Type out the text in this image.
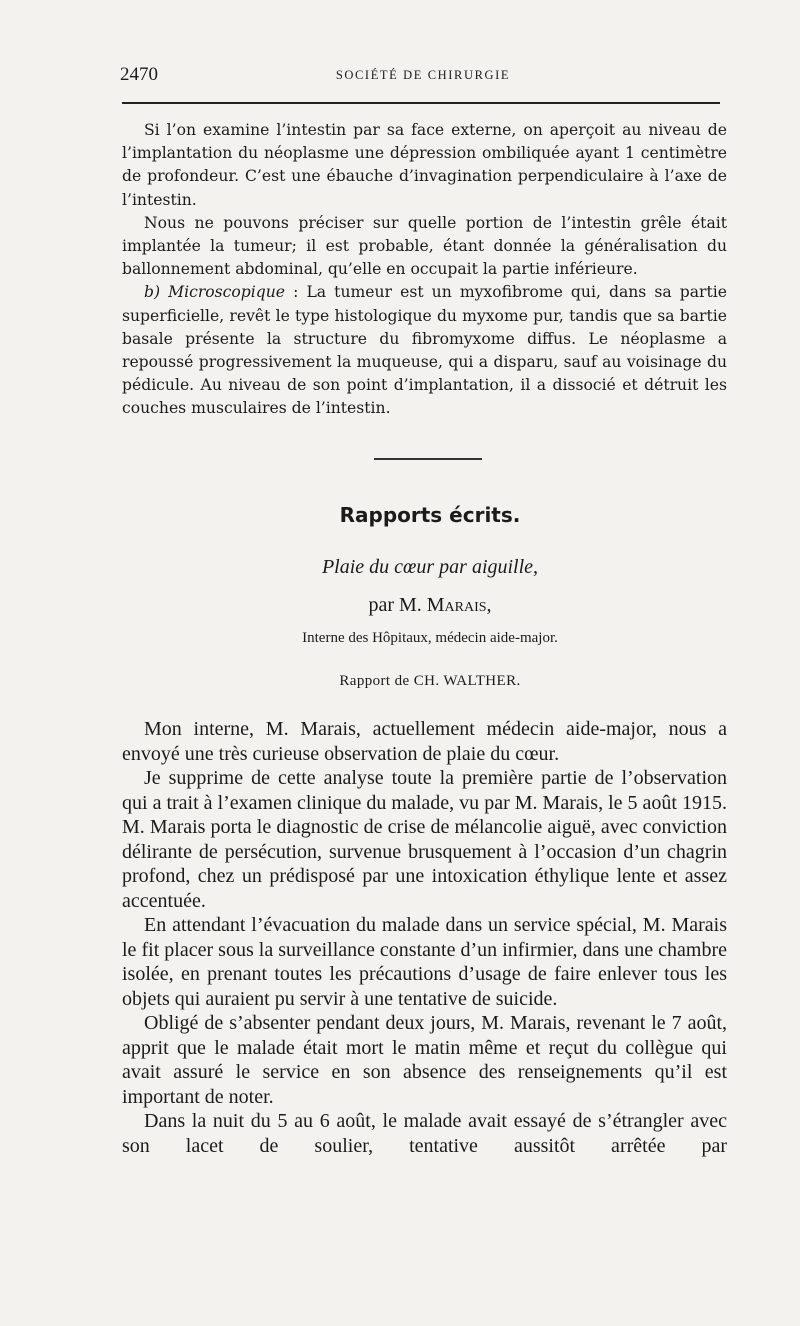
2470	SOCIÉTÉ DE CHIRURGIE

Si l’on examine l’intestin par sa face externe, on aperçoit au niveau de l’implantation du néoplasme une dépression ombiliquée ayant 1 centimètre de profondeur. C’est une ébauche d’invagination perpendiculaire à l’axe de l’intestin.

Nous ne pouvons préciser sur quelle portion de l’intestin grêle était implantée la tumeur; il est probable, étant donnée la généralisation du ballonnement abdominal, qu’elle en occupait la partie inférieure.

b) Microscopique : La tumeur est un myxofibrome qui, dans sa partie superficielle, revêt le type histologique du myxome pur, tandis que sa bartie basale présente la structure du fibromyxome diffus. Le néoplasme a repoussé progressivement la muqueuse, qui a disparu, sauf au voisinage du pédicule. Au niveau de son point d’implantation, il a dissocié et détruit les couches musculaires de l’intestin.

Rapports écrits.
Plaie du cœur par aiguille,
par M. Marais,
Interne des Hôpitaux, médecin aide-major.
Rapport de CH. WALTHER.

Mon interne, M. Marais, actuellement médecin aide-major, nous a envoyé une très curieuse observation de plaie du cœur.

Je supprime de cette analyse toute la première partie de l’observation qui a trait à l’examen clinique du malade, vu par M. Marais, le 5 août 1915. M. Marais porta le diagnostic de crise de mélancolie aiguë, avec conviction délirante de persécution, survenue brusquement à l’occasion d’un chagrin profond, chez un prédisposé par une intoxication éthylique lente et assez accentuée.

En attendant l’évacuation du malade dans un service spécial, M. Marais le fit placer sous la surveillance constante d’un infirmier, dans une chambre isolée, en prenant toutes les précautions d’usage de faire enlever tous les objets qui auraient pu servir à une tentative de suicide.

Obligé de s’absenter pendant deux jours, M. Marais, revenant le 7 août, apprit que le malade était mort le matin même et reçut du collègue qui avait assuré le service en son absence des renseignements qu’il est important de noter.

Dans la nuit du 5 au 6 août, le malade avait essayé de s’étrangler avec son lacet de soulier, tentative aussitôt arrêtée par
